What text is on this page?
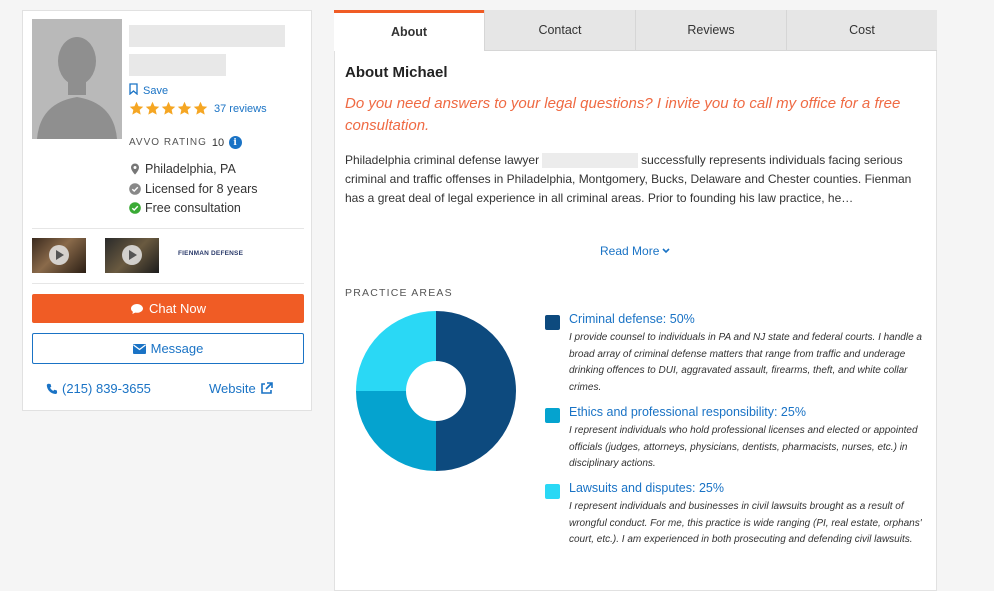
Save
37 reviews
AVVO RATING 10	i
Philadelphia, PA
Licensed for 8 years
Free consultation
FIENMAN DEFENSE
Chat Now
Message
(215) 839-3655	Website
About	Contact	Reviews	Cost
About Michael
Do you need answers to your legal questions? I invite you to call my office for a free consultation.
Philadelphia criminal defense lawyer	successfully represents individuals facing serious criminal and traffic offenses in Philadelphia, Montgomery, Bucks, Delaware and Chester counties. Fienman has a great deal of legal experience in all criminal areas. Prior to founding his law practice, he…
Read More
PRACTICE AREAS
Criminal defense: 50%
I provide counsel to individuals in PA and NJ state and federal courts. I handle a broad array of criminal defense matters that range from traffic and underage drinking offences to DUI, aggravated assault, firearms, theft, and white collar crimes.
Ethics and professional responsibility: 25%
I represent individuals who hold professional licenses and elected or appointed officials (judges, attorneys, physicians, dentists, pharmacists, nurses, etc.) in disciplinary actions.
Lawsuits and disputes: 25%
I represent individuals and businesses in civil lawsuits brought as a result of wrongful conduct. For me, this practice is wide ranging (PI, real estate, orphans' court, etc.). I am experienced in both prosecuting and defending civil lawsuits.
